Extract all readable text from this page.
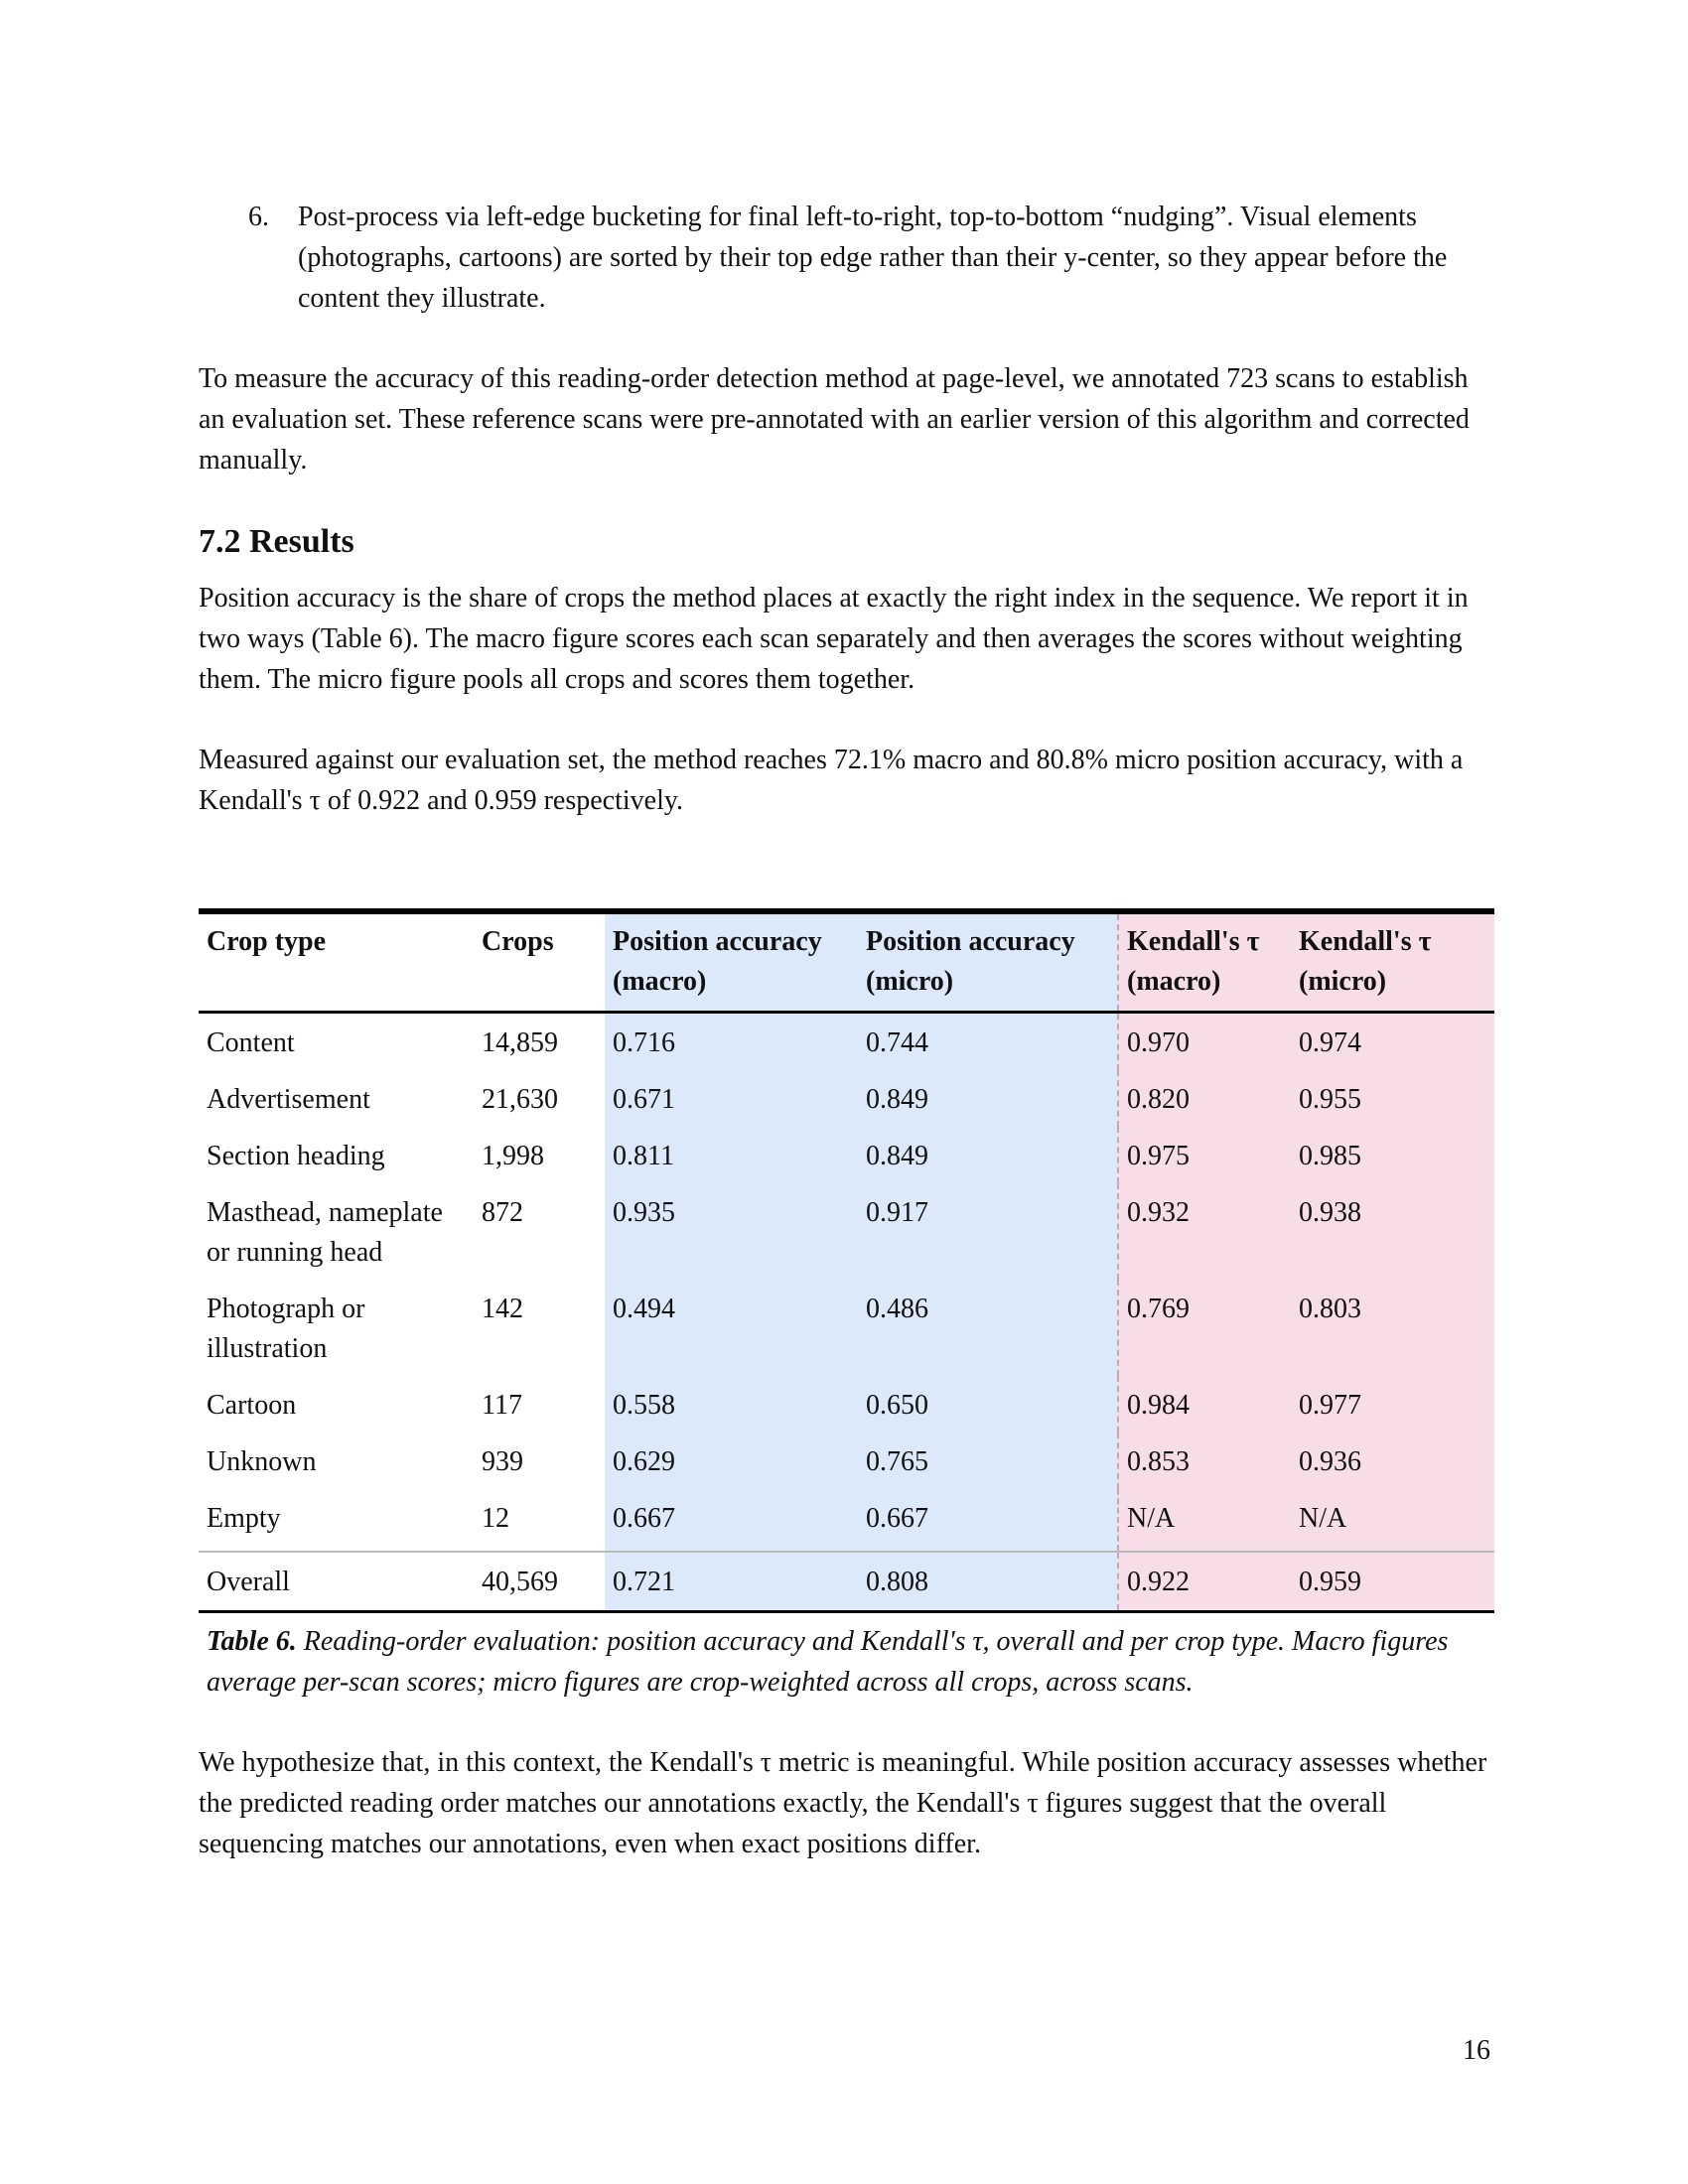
6. Post-process via left-edge bucketing for final left-to-right, top-to-bottom “nudging”. Visual elements (photographs, cartoons) are sorted by their top edge rather than their y-center, so they appear before the content they illustrate.

To measure the accuracy of this reading-order detection method at page-level, we annotated 723 scans to establish an evaluation set. These reference scans were pre-annotated with an earlier version of this algorithm and corrected manually.

7.2 Results

Position accuracy is the share of crops the method places at exactly the right index in the sequence. We report it in two ways (Table 6). The macro figure scores each scan separately and then averages the scores without weighting them. The micro figure pools all crops and scores them together.

Measured against our evaluation set, the method reaches 72.1% macro and 80.8% micro position accuracy, with a Kendall's τ of 0.922 and 0.959 respectively.

Crop type	Crops	Position accuracy (macro)	Position accuracy (micro)	Kendall's τ (macro)	Kendall's τ (micro)
Content	14,859	0.716	0.744	0.970	0.974
Advertisement	21,630	0.671	0.849	0.820	0.955
Section heading	1,998	0.811	0.849	0.975	0.985
Masthead, nameplate or running head	872	0.935	0.917	0.932	0.938
Photograph or illustration	142	0.494	0.486	0.769	0.803
Cartoon	117	0.558	0.650	0.984	0.977
Unknown	939	0.629	0.765	0.853	0.936
Empty	12	0.667	0.667	N/A	N/A
Overall	40,569	0.721	0.808	0.922	0.959

Table 6. Reading-order evaluation: position accuracy and Kendall's τ, overall and per crop type. Macro figures average per-scan scores; micro figures are crop-weighted across all crops, across scans.

We hypothesize that, in this context, the Kendall's τ metric is meaningful. While position accuracy assesses whether the predicted reading order matches our annotations exactly, the Kendall's τ figures suggest that the overall sequencing matches our annotations, even when exact positions differ.

16
